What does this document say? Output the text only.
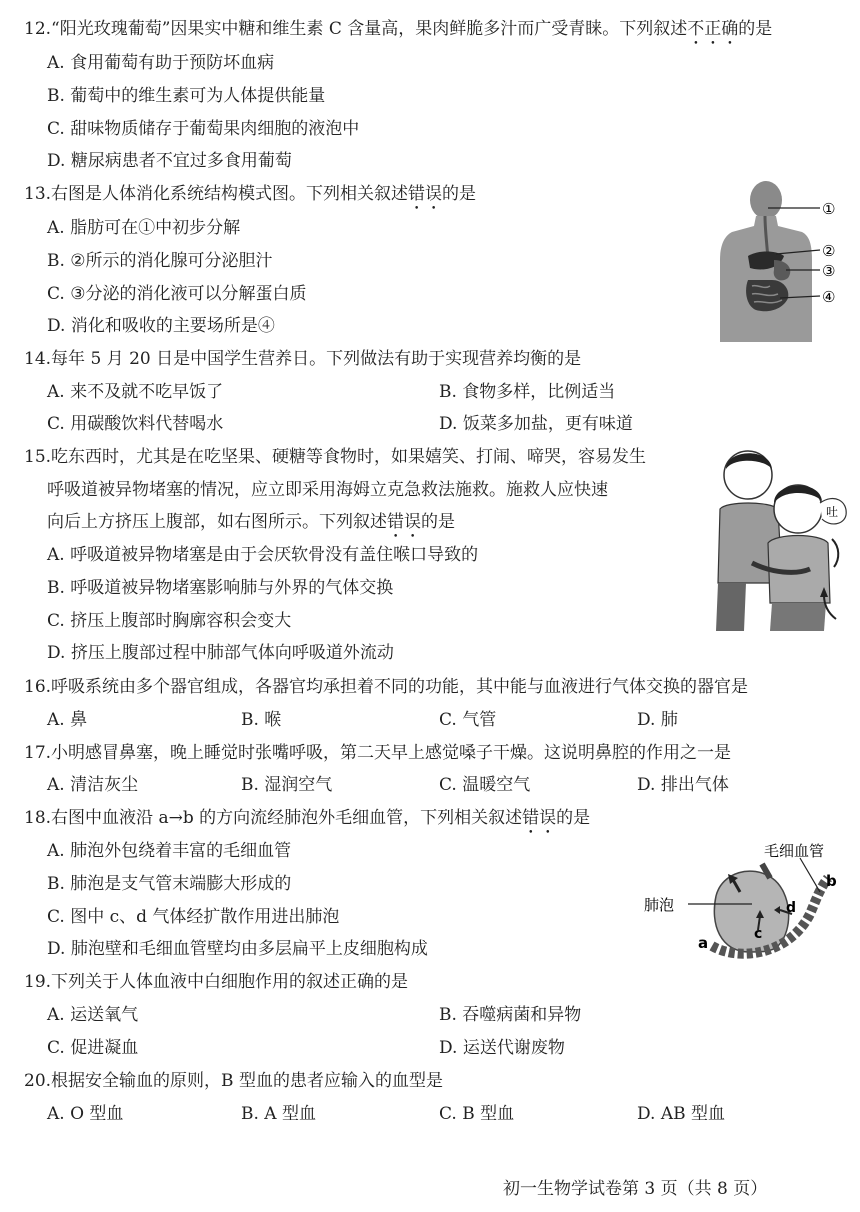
12.“阳光玫瑰葡萄”因果实中糖和维生素 C 含量高，果肉鲜脆多汁而广受青睐。下列叙述不正确的是
A. 食用葡萄有助于预防坏血病
B. 葡萄中的维生素可为人体提供能量
C. 甜味物质储存于葡萄果肉细胞的液泡中
D. 糖尿病患者不宜过多食用葡萄
13.右图是人体消化系统结构模式图。下列相关叙述错误的是
A. 脂肪可在①中初步分解
B. ②所示的消化腺可分泌胆汁
C. ③分泌的消化液可以分解蛋白质
D. 消化和吸收的主要场所是④
①
②
③
④
14.每年 5 月 20 日是中国学生营养日。下列做法有助于实现营养均衡的是
A. 来不及就不吃早饭了	B. 食物多样，比例适当
C. 用碳酸饮料代替喝水	D. 饭菜多加盐，更有味道
15.吃东西时，尤其是在吃坚果、硬糖等食物时，如果嬉笑、打闹、啼哭，容易发生
呼吸道被异物堵塞的情况，应立即采用海姆立克急救法施救。施救人应快速
向后上方挤压上腹部，如右图所示。下列叙述错误的是
A. 呼吸道被异物堵塞是由于会厌软骨没有盖住喉口导致的
B. 呼吸道被异物堵塞影响肺与外界的气体交换
C. 挤压上腹部时胸廓容积会变大
D. 挤压上腹部过程中肺部气体向呼吸道外流动
吐
16.呼吸系统由多个器官组成，各器官均承担着不同的功能，其中能与血液进行气体交换的器官是
A. 鼻	B. 喉	C. 气管	D. 肺
17.小明感冒鼻塞，晚上睡觉时张嘴呼吸，第二天早上感觉嗓子干燥。这说明鼻腔的作用之一是
A. 清洁灰尘	B. 湿润空气	C. 温暖空气	D. 排出气体
18.右图中血液沿 a→b 的方向流经肺泡外毛细血管，下列相关叙述错误的是
A. 肺泡外包绕着丰富的毛细血管
B. 肺泡是支气管末端膨大形成的
C. 图中 c、d 气体经扩散作用进出肺泡
D. 肺泡壁和毛细血管壁均由多层扁平上皮细胞构成
毛细血管
肺泡
a
b
c
d
19.下列关于人体血液中白细胞作用的叙述正确的是
A. 运送氧气	B. 吞噬病菌和异物
C. 促进凝血	D. 运送代谢废物
20.根据安全输血的原则，B 型血的患者应输入的血型是
A. O 型血	B. A 型血	C. B 型血	D. AB 型血
初一生物学试卷第 3 页（共 8 页）
